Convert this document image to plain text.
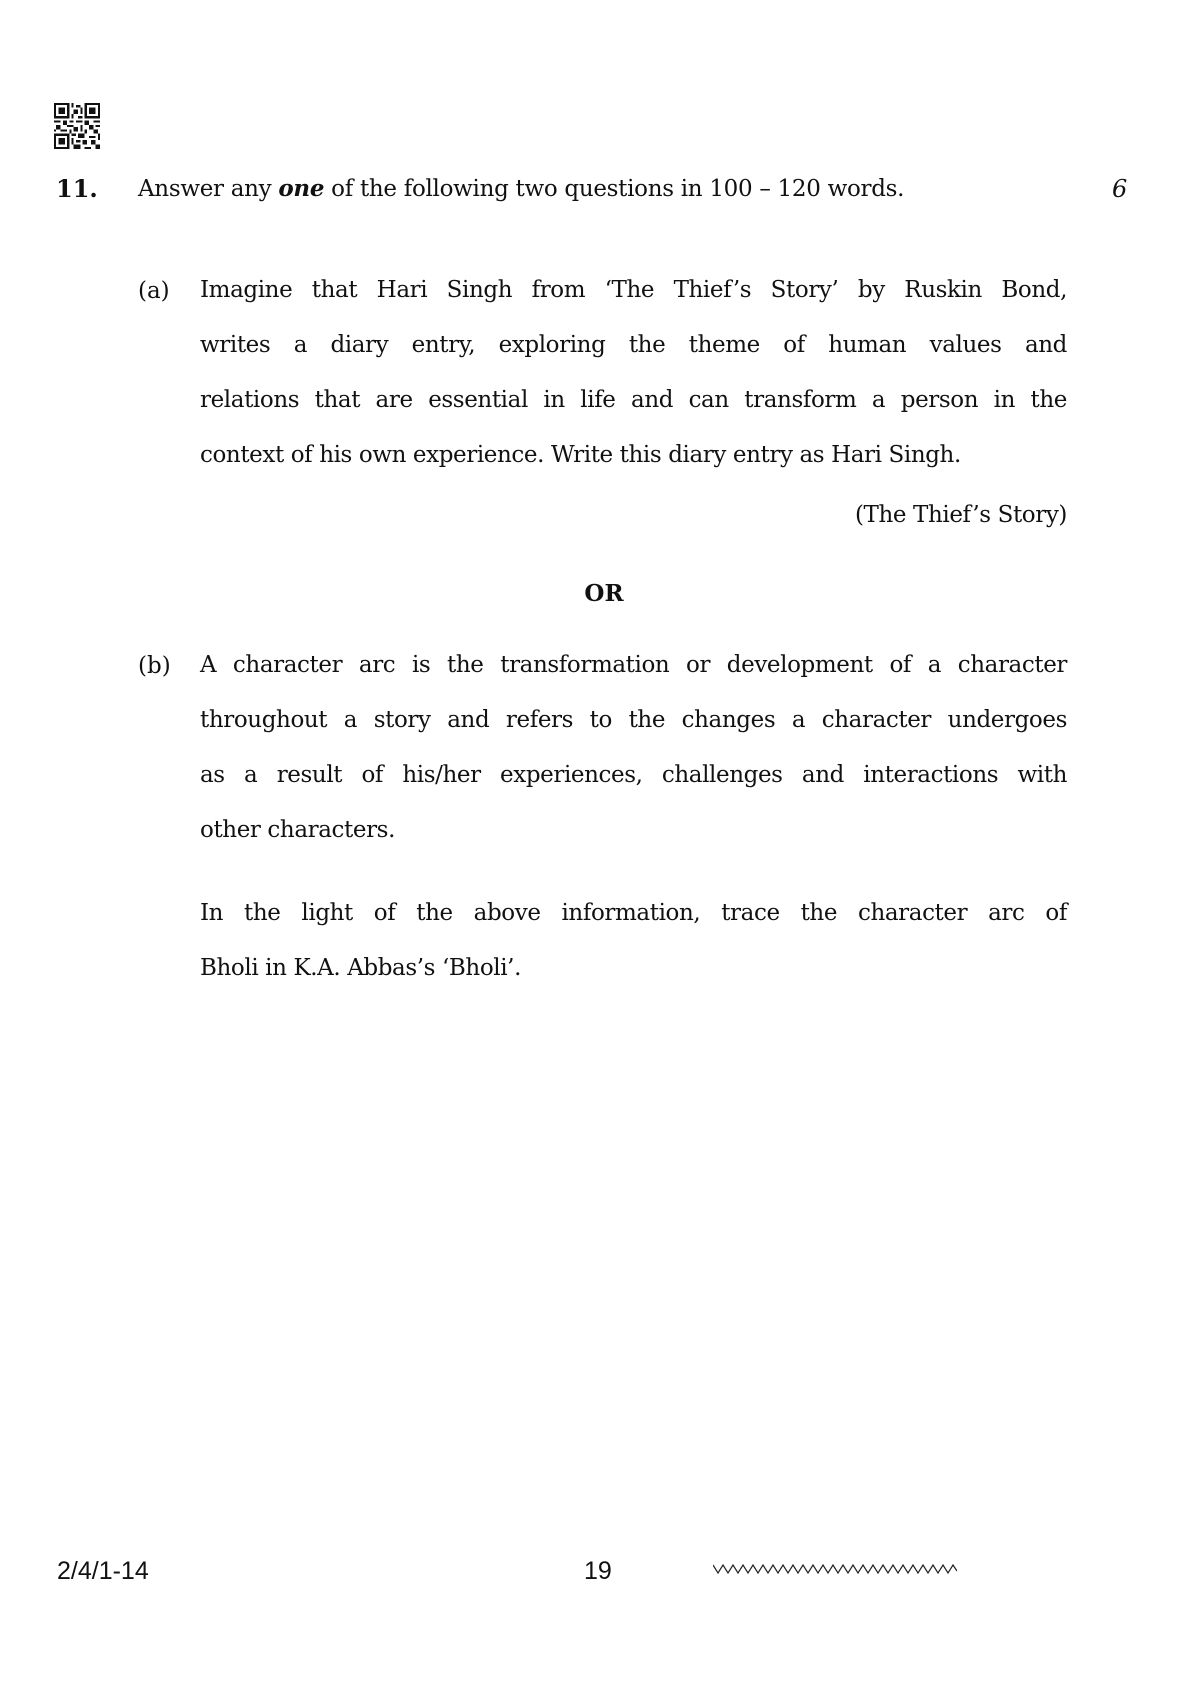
11. Answer any one of the following two questions in 100 – 120 words.	6
(a) Imagine that Hari Singh from ‘The Thief’s Story’ by Ruskin Bond,
writes a diary entry, exploring the theme of human values and
relations that are essential in life and can transform a person in the
context of his own experience. Write this diary entry as Hari Singh.
(The Thief’s Story)
OR
(b) A character arc is the transformation or development of a character
throughout a story and refers to the changes a character undergoes
as a result of his/her experiences, challenges and interactions with
other characters.
In the light of the above information, trace the character arc of
Bholi in K.A. Abbas’s ‘Bholi’.
2/4/1-14	19
